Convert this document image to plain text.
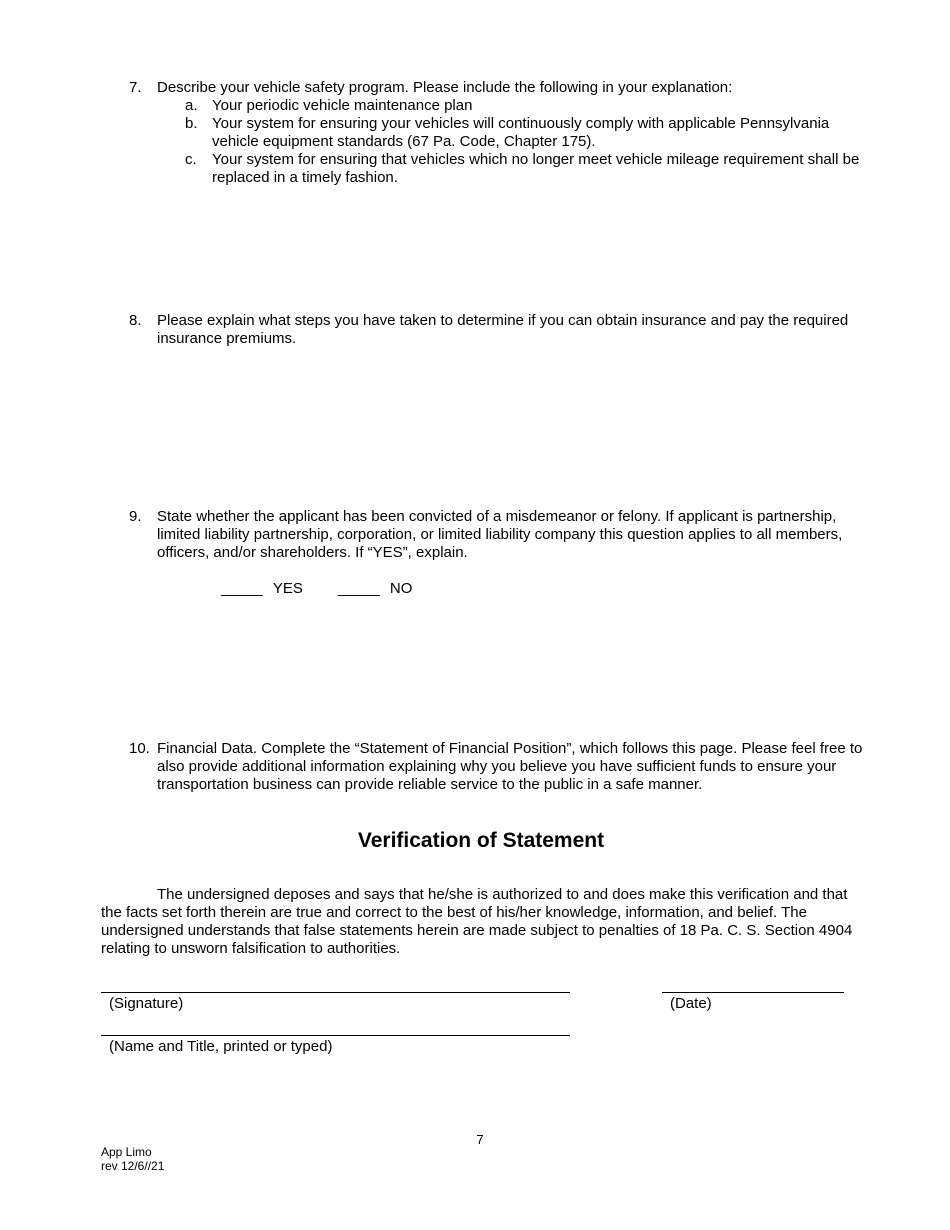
7.	Describe your vehicle safety program. Please include the following in your explanation:
a. Your periodic vehicle maintenance plan
b. Your system for ensuring your vehicles will continuously comply with applicable Pennsylvania vehicle equipment standards (67 Pa. Code, Chapter 175).
c.	Your system for ensuring that vehicles which no longer meet vehicle mileage requirement shall be replaced in a timely fashion.
8.	Please explain what steps you have taken to determine if you can obtain insurance and pay the required insurance premiums.
9.	State whether the applicant has been convicted of a misdemeanor or felony. If applicant is partnership, limited liability partnership, corporation, or limited liability company this question applies to all members, officers, and/or shareholders. If “YES”, explain.
_____ YES _____ NO
10. Financial Data. Complete the “Statement of Financial Position”, which follows this page. Please feel free to also provide additional information explaining why you believe you have sufficient funds to ensure your transportation business can provide reliable service to the public in a safe manner.
Verification of Statement
The undersigned deposes and says that he/she is authorized to and does make this verification and that the facts set forth therein are true and correct to the best of his/her knowledge, information, and belief. The undersigned understands that false statements herein are made subject to penalties of 18 Pa. C. S. Section 4904 relating to unsworn falsification to authorities.
(Signature)	(Date)
(Name and Title, printed or typed)
7
App Limo
rev 12/6//21
